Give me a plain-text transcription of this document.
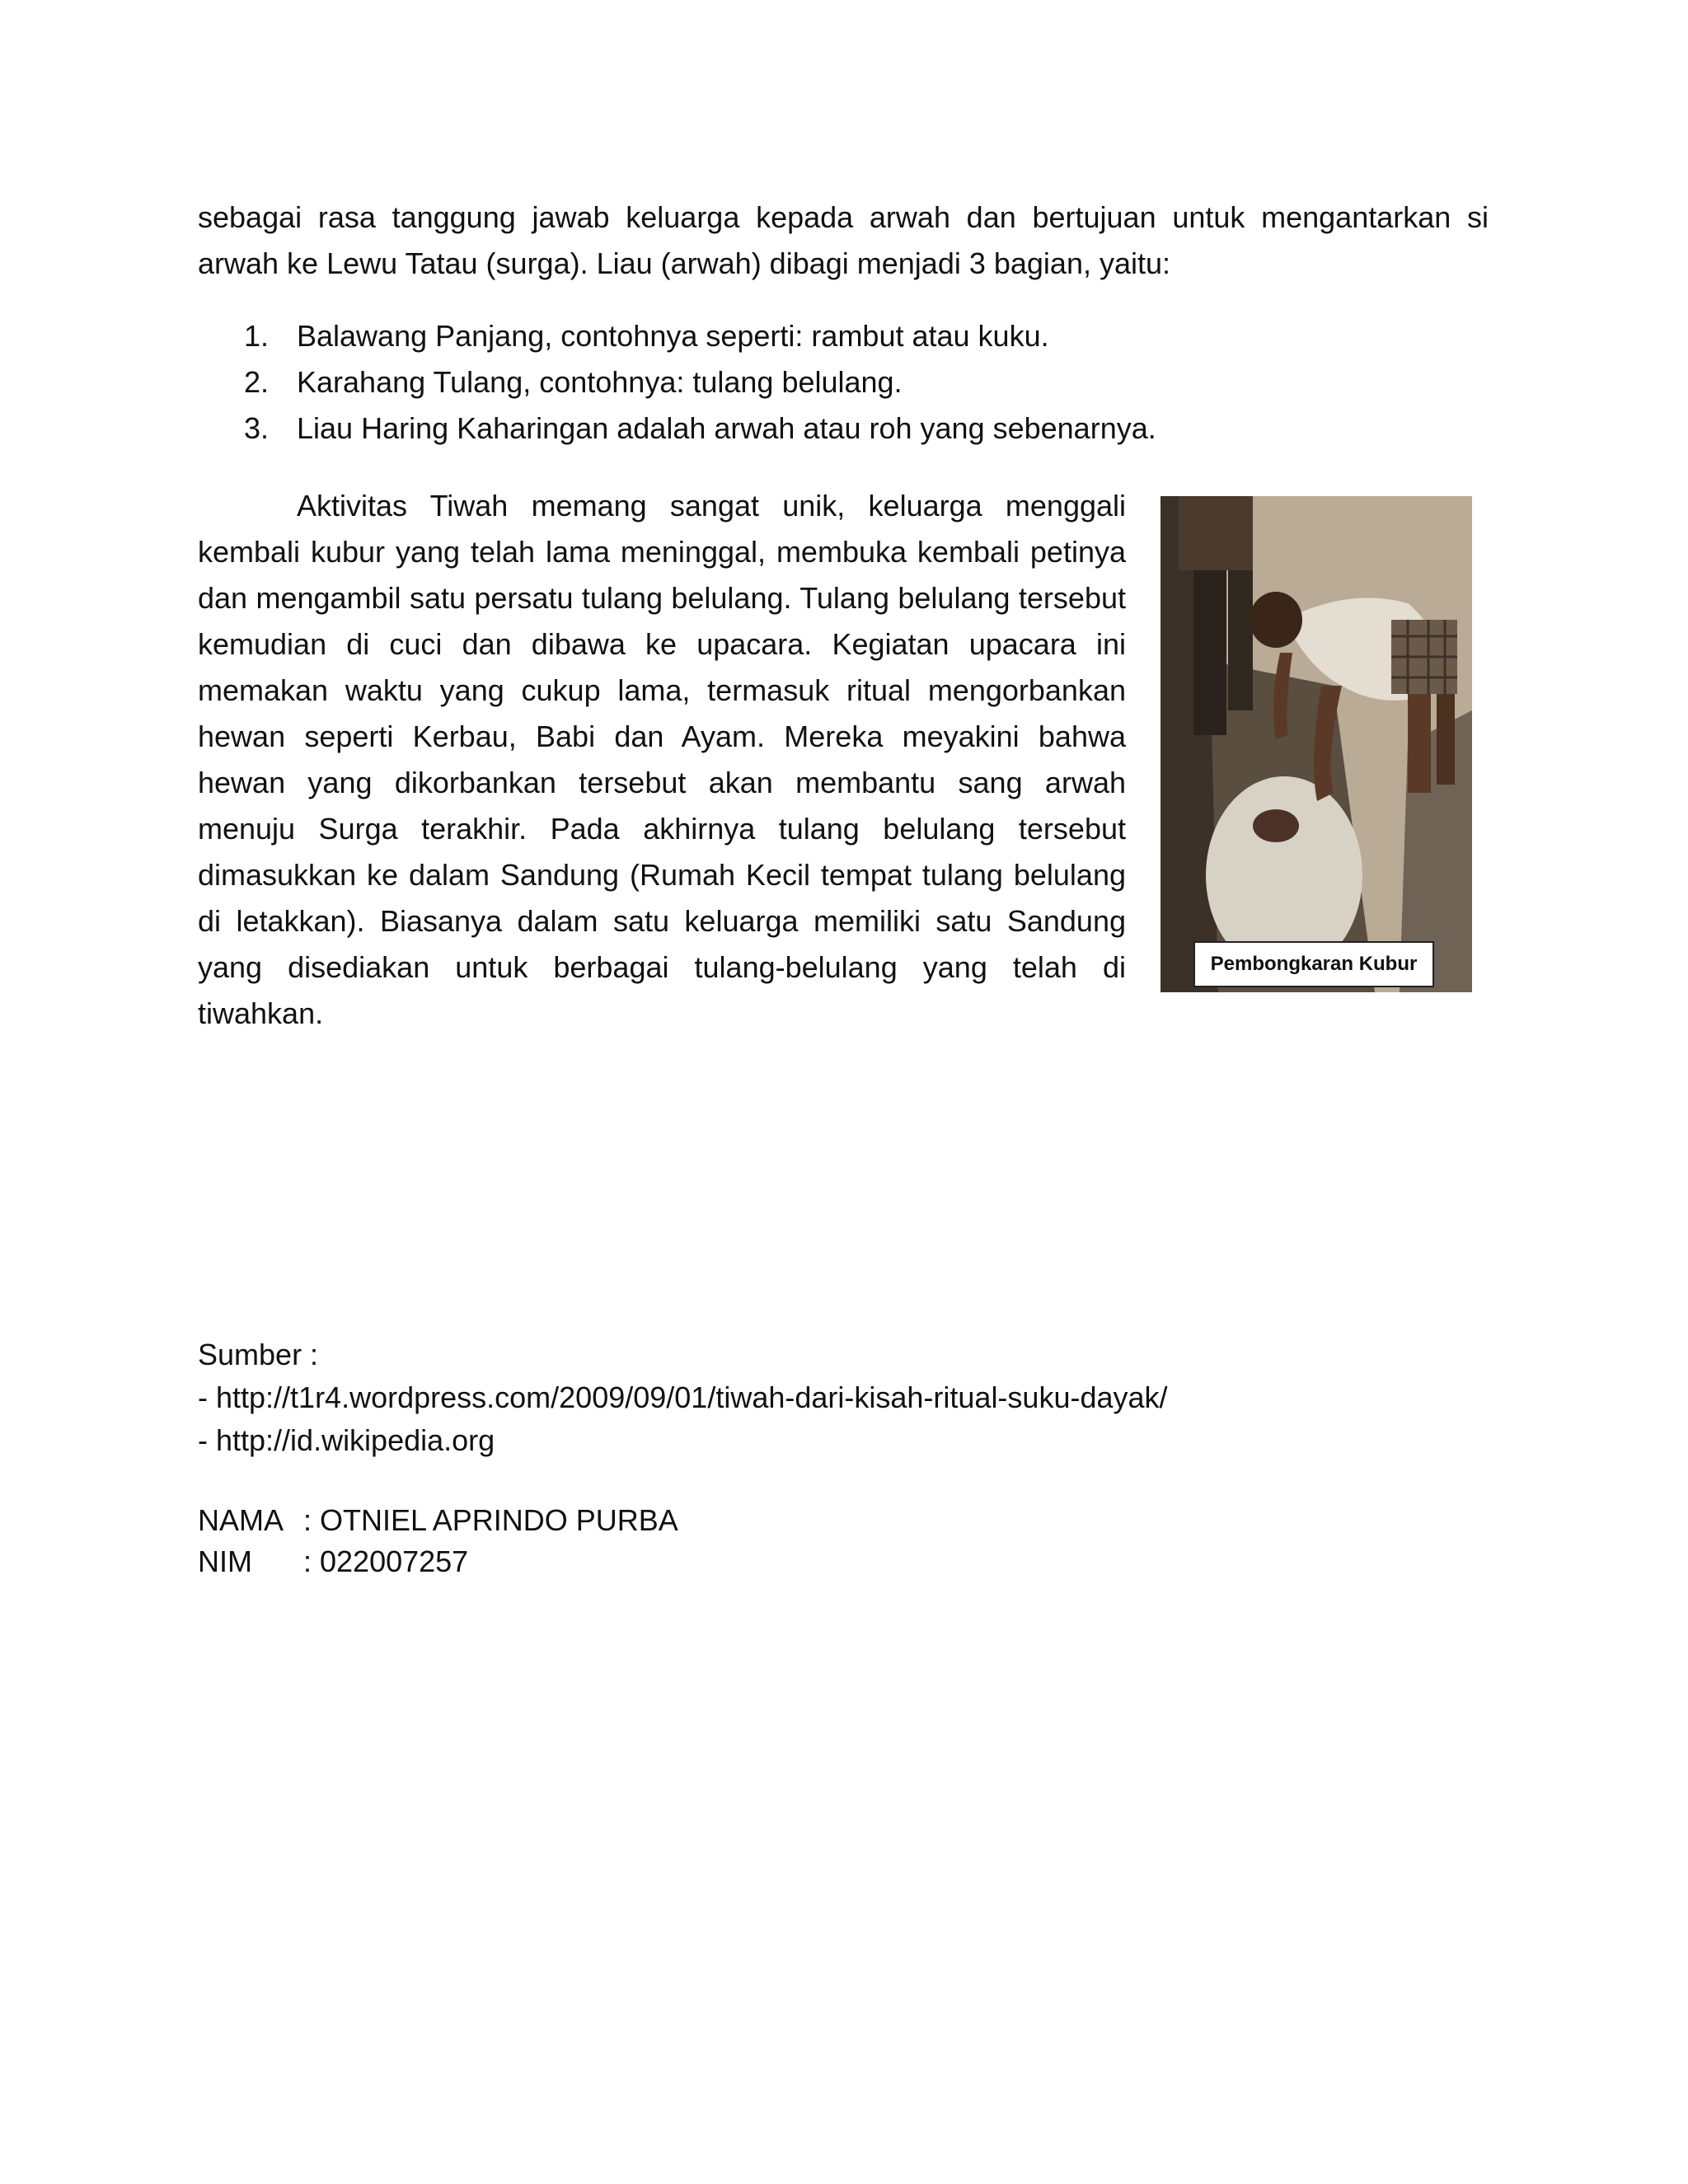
sebagai rasa tanggung jawab keluarga kepada arwah dan bertujuan untuk mengantarkan si arwah ke Lewu Tatau (surga). Liau (arwah) dibagi menjadi 3 bagian, yaitu:

1. Balawang Panjang, contohnya seperti: rambut atau kuku.
2. Karahang Tulang, contohnya: tulang belulang.
3. Liau Haring Kaharingan adalah arwah atau roh yang sebenarnya.

Aktivitas Tiwah memang sangat unik, keluarga menggali kembali kubur yang telah lama meninggal, membuka kembali petinya dan mengambil satu persatu tulang belulang. Tulang belulang tersebut kemudian di cuci dan dibawa ke upacara. Kegiatan upacara ini memakan waktu yang cukup lama, termasuk ritual mengorbankan hewan seperti Kerbau, Babi dan Ayam. Mereka meyakini bahwa hewan yang dikorbankan tersebut akan membantu sang arwah menuju Surga terakhir. Pada akhirnya tulang belulang tersebut dimasukkan ke dalam Sandung (Rumah Kecil tempat tulang belulang di letakkan). Biasanya dalam satu keluarga memiliki satu Sandung yang disediakan untuk berbagai tulang-belulang yang telah di tiwahkan.

Pembongkaran Kubur
Sumber :
- http://t1r4.wordpress.com/2009/09/01/tiwah-dari-kisah-ritual-suku-dayak/
- http://id.wikipedia.org
NAMA : OTNIEL APRINDO PURBA
NIM	: 022007257
